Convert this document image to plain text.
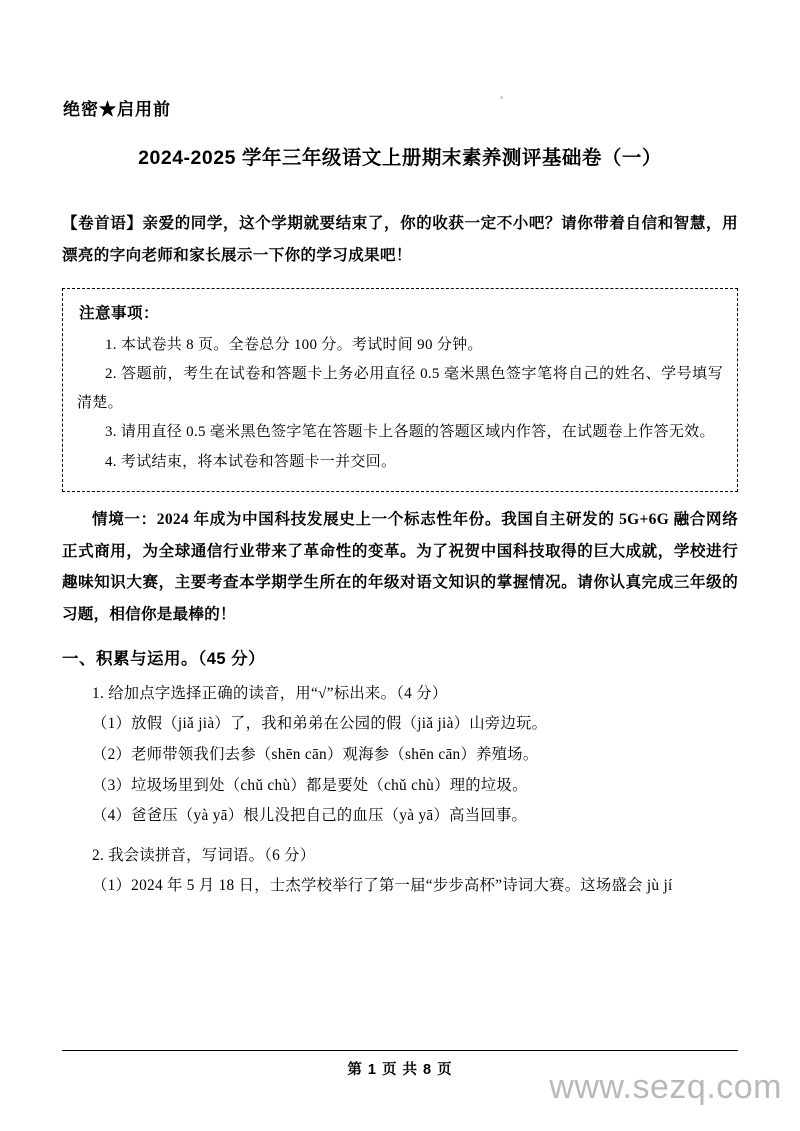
绝密★启用前
2024-2025 学年三年级语文上册期末素养测评基础卷（一）
【卷首语】亲爱的同学，这个学期就要结束了，你的收获一定不小吧？请你带着自信和智慧，用漂亮的字向老师和家长展示一下你的学习成果吧！
注意事项：

1. 本试卷共 8 页。全卷总分 100 分。考试时间 90 分钟。

2. 答题前，考生在试卷和答题卡上务必用直径 0.5 毫米黑色签字笔将自己的姓名、学号填写清楚。

3. 请用直径 0.5 毫米黑色签字笔在答题卡上各题的答题区域内作答，在试题卷上作答无效。

4. 考试结束，将本试卷和答题卡一并交回。

情境一：2024 年成为中国科技发展史上一个标志性年份。我国自主研发的 5G+6G 融合网络正式商用，为全球通信行业带来了革命性的变革。为了祝贺中国科技取得的巨大成就，学校进行趣味知识大赛，主要考查本学期学生所在的年级对语文知识的掌握情况。请你认真完成三年级的习题，相信你是最棒的！
一、积累与运用。（45 分）

1. 给加点字选择正确的读音，用“√”标出来。（4 分）

（1）放假（jiǎ jià）了，我和弟弟在公园的假（jiǎ jià）山旁边玩。

（2）老师带领我们去参（shēn cān）观海参（shēn cān）养殖场。

（3）垃圾场里到处（chǔ chù）都是要处（chǔ chù）理的垃圾。

（4）爸爸压（yà yā）根儿没把自己的血压（yà yā）高当回事。

2. 我会读拼音，写词语。（6 分）

（1）2024 年 5 月 18 日，士杰学校举行了第一届“步步高杯”诗词大赛。这场盛会 jù jí

第 1 页 共 8 页	www.sezq.com
